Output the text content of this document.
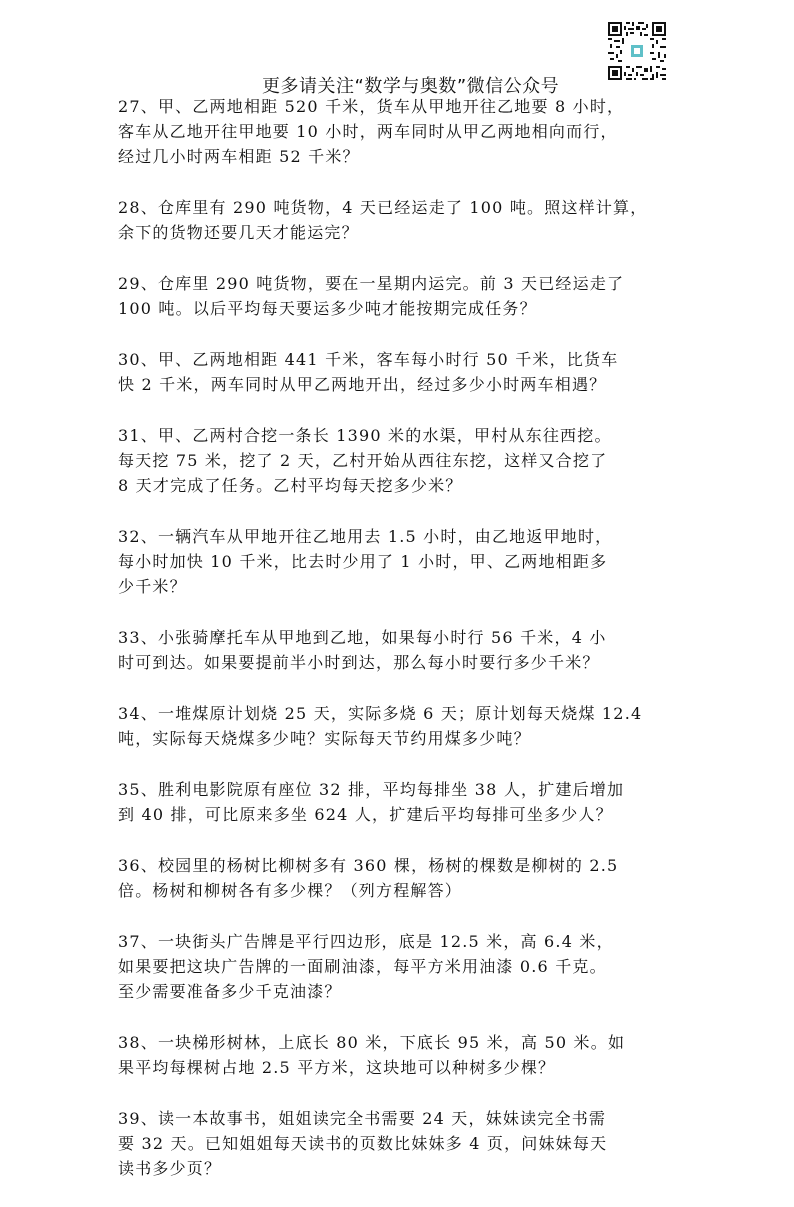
更多请关注“数学与奥数”微信公众号
27、甲、乙两地相距 520 千米，货车从甲地开往乙地要 8 小时，
客车从乙地开往甲地要 10 小时，两车同时从甲乙两地相向而行，
经过几小时两车相距 52 千米？
28、仓库里有 290 吨货物，4 天已经运走了 100 吨。照这样计算，
余下的货物还要几天才能运完？
29、仓库里 290 吨货物，要在一星期内运完。前 3 天已经运走了
100 吨。以后平均每天要运多少吨才能按期完成任务？
30、甲、乙两地相距 441 千米，客车每小时行 50 千米，比货车
快 2 千米，两车同时从甲乙两地开出，经过多少小时两车相遇？
31、甲、乙两村合挖一条长 1390 米的水渠，甲村从东往西挖。
每天挖 75 米，挖了 2 天，乙村开始从西往东挖，这样又合挖了
8 天才完成了任务。乙村平均每天挖多少米？
32、一辆汽车从甲地开往乙地用去 1.5 小时，由乙地返甲地时，
每小时加快 10 千米，比去时少用了 1 小时，甲、乙两地相距多
少千米？
33、小张骑摩托车从甲地到乙地，如果每小时行 56 千米，4 小
时可到达。如果要提前半小时到达，那么每小时要行多少千米？
34、一堆煤原计划烧 25 天，实际多烧 6 天；原计划每天烧煤 12.4
吨，实际每天烧煤多少吨？实际每天节约用煤多少吨？
35、胜利电影院原有座位 32 排，平均每排坐 38 人，扩建后增加
到 40 排，可比原来多坐 624 人，扩建后平均每排可坐多少人？
36、校园里的杨树比柳树多有 360 棵，杨树的棵数是柳树的 2.5
倍。杨树和柳树各有多少棵？（列方程解答）
37、一块街头广告牌是平行四边形，底是 12.5 米，高 6.4 米，
如果要把这块广告牌的一面刷油漆，每平方米用油漆 0.6 千克。
至少需要准备多少千克油漆？
38、一块梯形树林，上底长 80 米，下底长 95 米，高 50 米。如
果平均每棵树占地 2.5 平方米，这块地可以种树多少棵？
39、读一本故事书，姐姐读完全书需要 24 天，妹妹读完全书需
要 32 天。已知姐姐每天读书的页数比妹妹多 4 页，问妹妹每天
读书多少页？
